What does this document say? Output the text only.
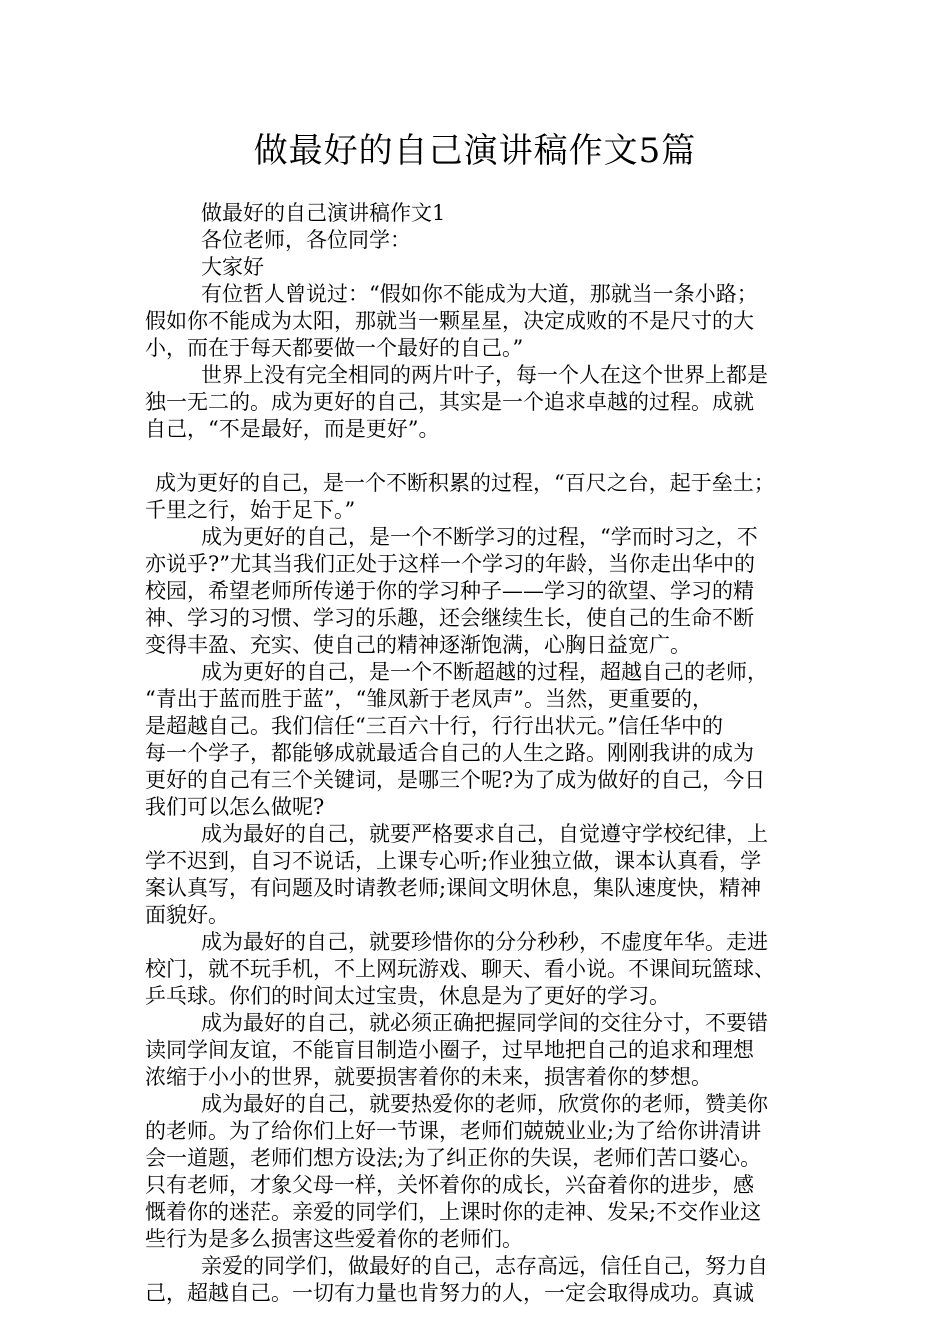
做最好的自己演讲稿作文5篇
做最好的自己演讲稿作文1
各位老师，各位同学：
大家好
有位哲人曾说过：“假如你不能成为大道，那就当一条小路；
假如你不能成为太阳，那就当一颗星星，决定成败的不是尺寸的大
小，而在于每天都要做一个最好的自己。”
世界上没有完全相同的两片叶子，每一个人在这个世界上都是
独一无二的。成为更好的自己，其实是一个追求卓越的过程。成就
自己，“不是最好，而是更好”。
成为更好的自己，是一个不断积累的过程，“百尺之台，起于垒土；
千里之行，始于足下。”
成为更好的自己，是一个不断学习的过程，“学而时习之，不
亦说乎?”尤其当我们正处于这样一个学习的年龄，当你走出华中的
校园，希望老师所传递于你的学习种子——学习的欲望、学习的精
神、学习的习惯、学习的乐趣，还会继续生长，使自己的生命不断
变得丰盈、充实、使自己的精神逐渐饱满，心胸日益宽广。
成为更好的自己，是一个不断超越的过程，超越自己的老师，
“青出于蓝而胜于蓝”，“雏凤新于老凤声”。当然，更重要的，
是超越自己。我们信任“三百六十行，行行出状元。”信任华中的
每一个学子，都能够成就最适合自己的人生之路。刚刚我讲的成为
更好的自己有三个关键词，是哪三个呢?为了成为做好的自己，今日
我们可以怎么做呢?
成为最好的自己，就要严格要求自己，自觉遵守学校纪律，上
学不迟到，自习不说话，上课专心听;作业独立做，课本认真看，学
案认真写，有问题及时请教老师;课间文明休息，集队速度快，精神
面貌好。
成为最好的自己，就要珍惜你的分分秒秒，不虚度年华。走进
校门，就不玩手机，不上网玩游戏、聊天、看小说。不课间玩篮球、
乒乓球。你们的时间太过宝贵，休息是为了更好的学习。
成为最好的自己，就必须正确把握同学间的交往分寸，不要错
读同学间友谊，不能盲目制造小圈子，过早地把自己的追求和理想
浓缩于小小的世界，就要损害着你的未来，损害着你的梦想。
成为最好的自己，就要热爱你的老师，欣赏你的老师，赞美你
的老师。为了给你们上好一节课，老师们兢兢业业;为了给你讲清讲
会一道题，老师们想方设法;为了纠正你的失误，老师们苦口婆心。
只有老师，才象父母一样，关怀着你的成长，兴奋着你的进步，感
慨着你的迷茫。亲爱的同学们，上课时你的走神、发呆;不交作业这
些行为是多么损害这些爱着你的老师们。
亲爱的同学们，做最好的自己，志存高远，信任自己，努力自
己，超越自己。一切有力量也肯努力的人，一定会取得成功。真诚
